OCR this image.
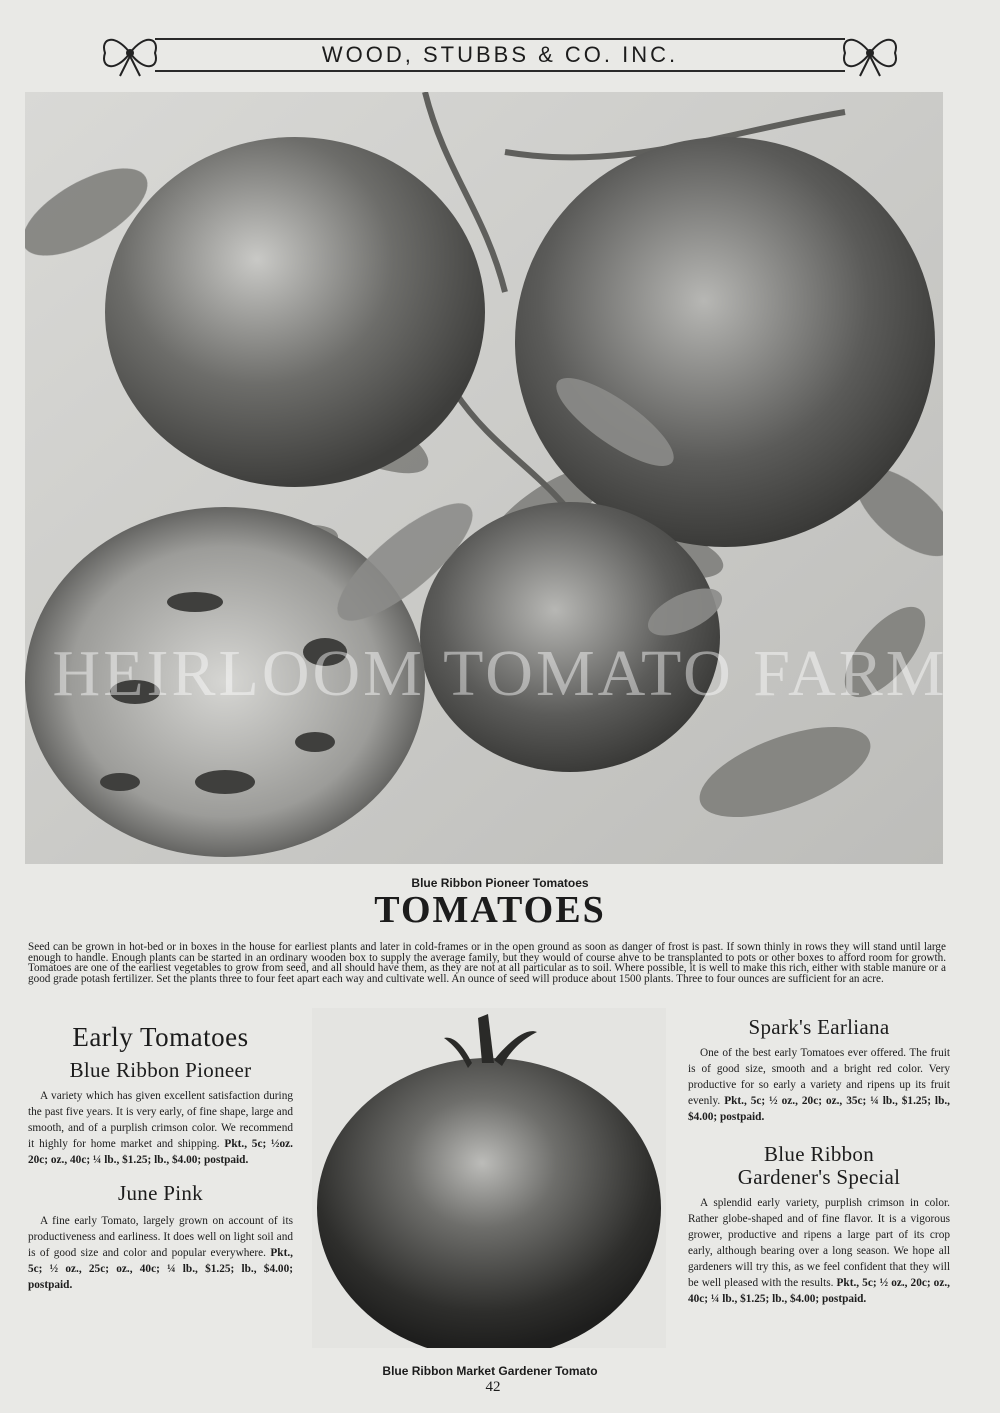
WOOD, STUBBS & CO. INC.
HEIRLOOM TOMATO FARM
Blue Ribbon Pioneer Tomatoes
TOMATOES

Seed can be grown in hot-bed or in boxes in the house for earliest plants and later in cold-frames or in the open ground as soon as danger of frost is past. If sown thinly in rows they will stand until large enough to handle. Enough plants can be started in an ordinary wooden box to supply the average family, but they would of course ahve to be transplanted to pots or other boxes to afford room for growth. Tomatoes are one of the earliest vegetables to grow from seed, and all should have them, as they are not at all particular as to soil. Where possible, it is well to make this rich, either with stable manure or a good grade potash fertilizer. Set the plants three to four feet apart each way and cultivate well. An ounce of seed will produce about 1500 plants. Three to four ounces are sufficient for an acre.

Early Tomatoes
Blue Ribbon Pioneer

A variety which has given excellent satisfaction during the past five years. It is very early, of fine shape, large and smooth, and of a purplish crimson color. We recommend it highly for home market and shipping. Pkt., 5c; ½oz. 20c; oz., 40c; ¼ lb., $1.25; lb., $4.00; postpaid.

June Pink

A fine early Tomato, largely grown on account of its productiveness and earliness. It does well on light soil and is of good size and color and popular everywhere. Pkt., 5c; ½ oz., 25c; oz., 40c; ¼ lb., $1.25; lb., $4.00; postpaid.

Spark's Earliana

One of the best early Tomatoes ever offered. The fruit is of good size, smooth and a bright red color. Very productive for so early a variety and ripens up its fruit evenly. Pkt., 5c; ½ oz., 20c; oz., 35c; ¼ lb., $1.25; lb., $4.00; postpaid.

Blue Ribbon
Gardener's Special

A splendid early variety, purplish crimson in color. Rather globe-shaped and of fine flavor. It is a vigorous grower, productive and ripens a large part of its crop early, although bearing over a long season. We hope all gardeners will try this, as we feel confident that they will be well pleased with the results. Pkt., 5c; ½ oz., 20c; oz., 40c; ¼ lb., $1.25; lb., $4.00; postpaid.

Blue Ribbon Market Gardener Tomato
42
